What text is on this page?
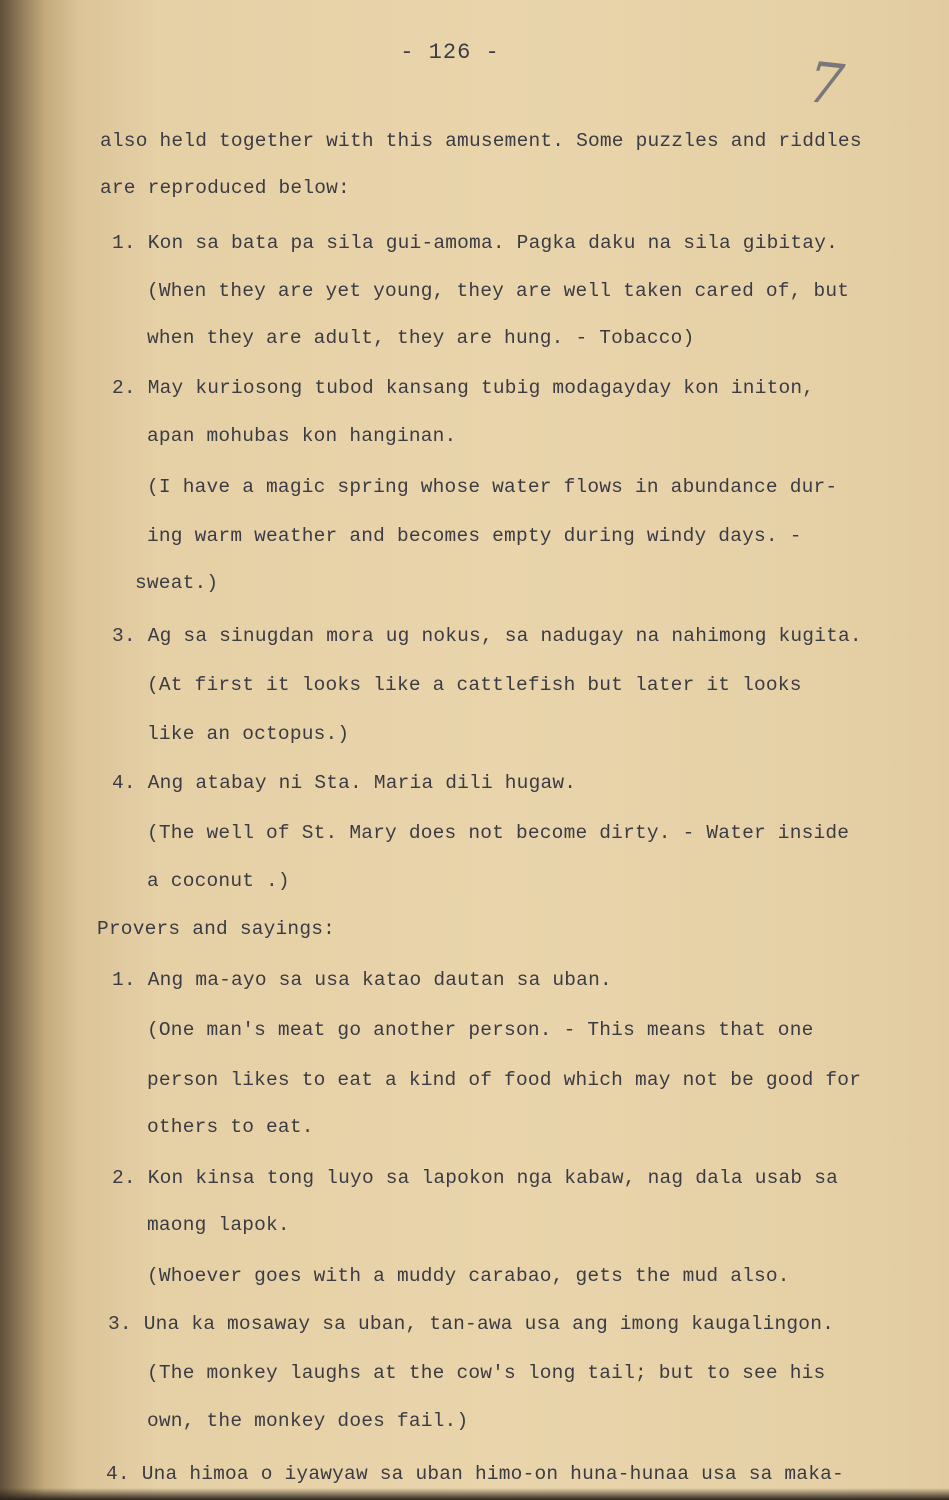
- 126 -	7
also held together with this amusement. Some puzzles and riddles
are reproduced below:
1. Kon sa bata pa sila gui-amoma. Pagka daku na sila gibitay.
(When they are yet young, they are well taken cared of, but
when they are adult, they are hung. - Tobacco)
2. May kuriosong tubod kansang tubig modagayday kon initon,
apan mohubas kon hanginan.
(I have a magic spring whose water flows in abundance dur-
ing warm weather and becomes empty during windy days. -
sweat.)
3. Ag sa sinugdan mora ug nokus, sa nadugay na nahimong kugita.
(At first it looks like a cattlefish but later it looks
like an octopus.)
4. Ang atabay ni Sta. Maria dili hugaw.
(The well of St. Mary does not become dirty. - Water inside
a coconut .)
Provers and sayings:
1. Ang ma-ayo sa usa katao dautan sa uban.
(One man's meat go another person. - This means that one
person likes to eat a kind of food which may not be good for
others to eat.
2. Kon kinsa tong luyo sa lapokon nga kabaw, nag dala usab sa
maong lapok.
(Whoever goes with a muddy carabao, gets the mud also.
3. Una ka mosaway sa uban, tan-awa usa ang imong kaugalingon.
(The monkey laughs at the cow's long tail; but to see his
own, the monkey does fail.)
4. Una himoa o iyawyaw sa uban himo-on huna-hunaa usa sa maka-
